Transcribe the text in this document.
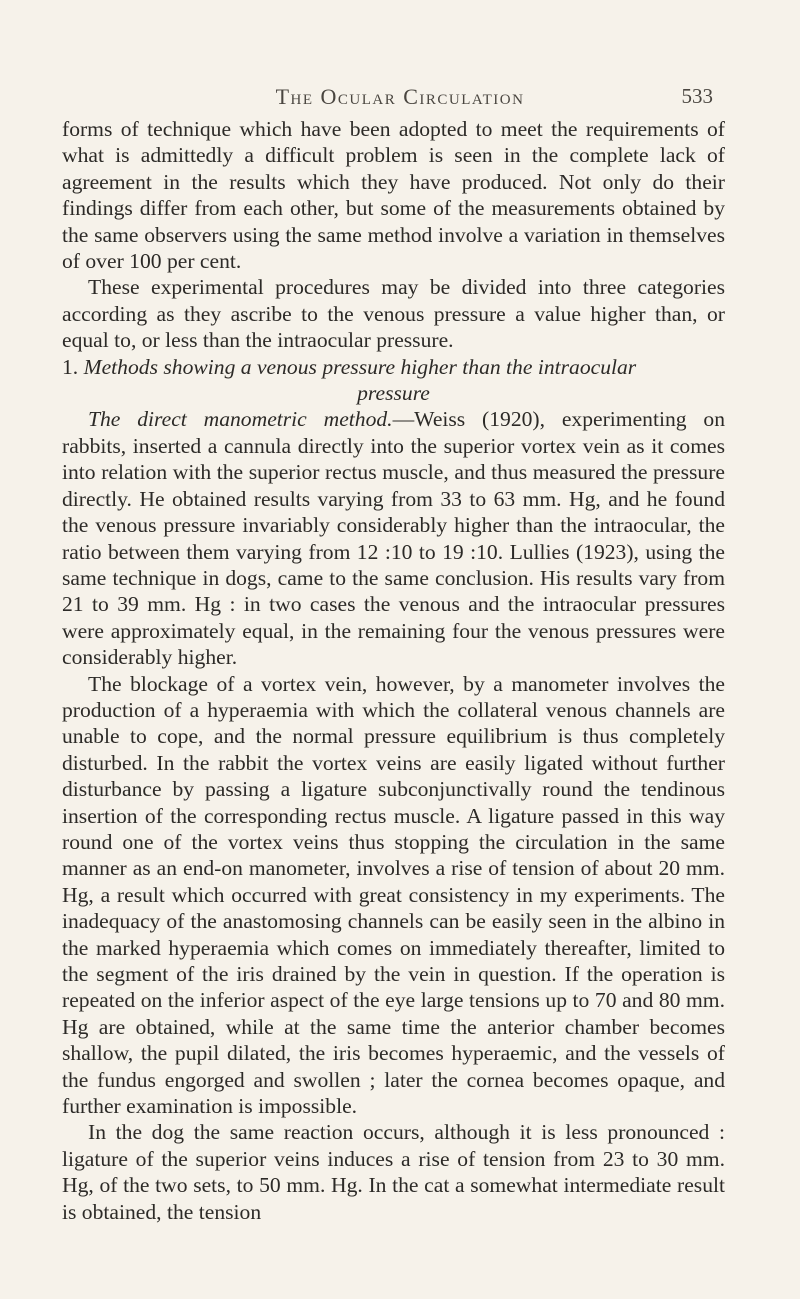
The Ocular Circulation	533

forms of technique which have been adopted to meet the requirements of what is admittedly a difficult problem is seen in the complete lack of agreement in the results which they have produced. Not only do their findings differ from each other, but some of the measurements obtained by the same observers using the same method involve a variation in themselves of over 100 per cent.

These experimental procedures may be divided into three categories according as they ascribe to the venous pressure a value higher than, or equal to, or less than the intraocular pressure.

1. Methods showing a venous pressure higher than the intraocular
pressure

The direct manometric method.—Weiss (1920), experimenting on rabbits, inserted a cannula directly into the superior vortex vein as it comes into relation with the superior rectus muscle, and thus measured the pressure directly. He obtained results varying from 33 to 63 mm. Hg, and he found the venous pressure invariably considerably higher than the intraocular, the ratio between them varying from 12 :10 to 19 :10. Lullies (1923), using the same technique in dogs, came to the same conclusion. His results vary from 21 to 39 mm. Hg : in two cases the venous and the intraocular pressures were approximately equal, in the remaining four the venous pressures were considerably higher.

The blockage of a vortex vein, however, by a manometer involves the production of a hyperaemia with which the collateral venous channels are unable to cope, and the normal pressure equilibrium is thus completely disturbed. In the rabbit the vortex veins are easily ligated without further disturbance by passing a ligature subconjunctivally round the tendinous insertion of the corresponding rectus muscle. A ligature passed in this way round one of the vortex veins thus stopping the circulation in the same manner as an end-on manometer, involves a rise of tension of about 20 mm. Hg, a result which occurred with great consistency in my experiments. The inadequacy of the anastomosing channels can be easily seen in the albino in the marked hyperaemia which comes on immediately thereafter, limited to the segment of the iris drained by the vein in question. If the operation is repeated on the inferior aspect of the eye large tensions up to 70 and 80 mm. Hg are obtained, while at the same time the anterior chamber becomes shallow, the pupil dilated, the iris becomes hyperaemic, and the vessels of the fundus engorged and swollen ; later the cornea becomes opaque, and further examination is impossible.

In the dog the same reaction occurs, although it is less pronounced : ligature of the superior veins induces a rise of tension from 23 to 30 mm. Hg, of the two sets, to 50 mm. Hg. In the cat a somewhat intermediate result is obtained, the tension
